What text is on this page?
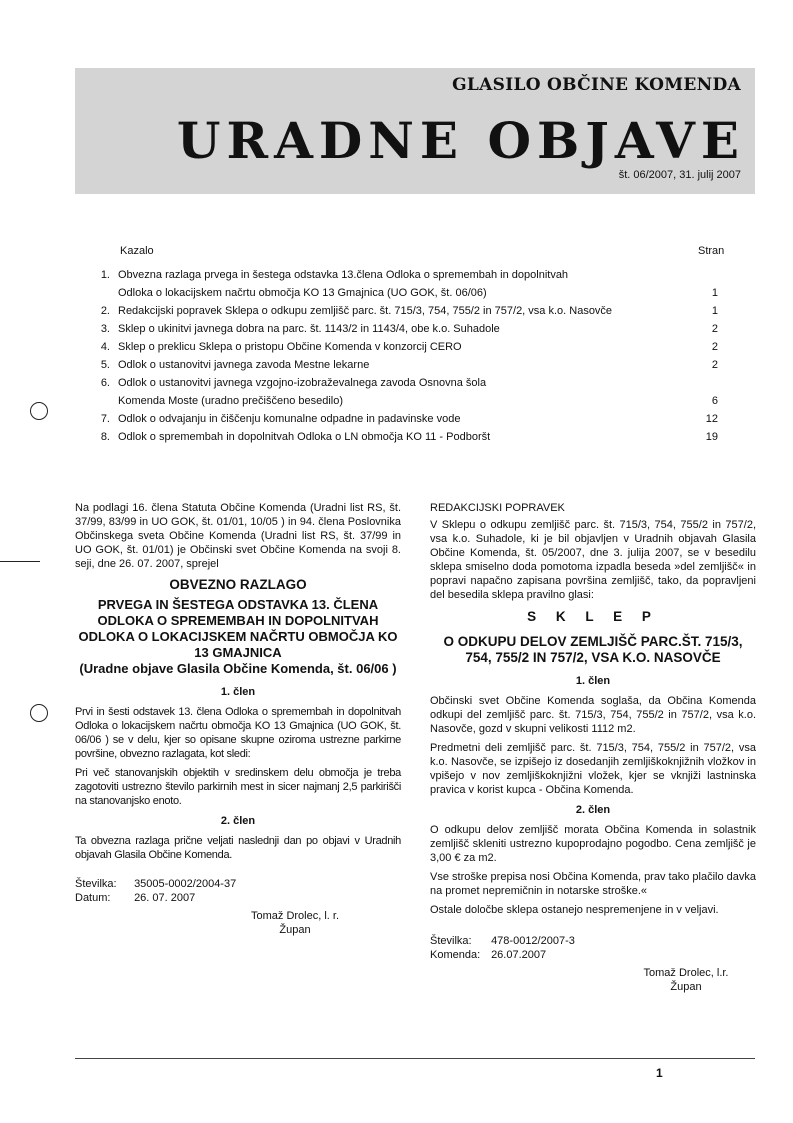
GLASILO OBČINE KOMENDA
URADNE OBJAVE
št. 06/2007, 31. julij 2007
Kazalo	Stran
1. Obvezna razlaga prvega in šestega odstavka 13.člena Odloka o spremembah in dopolnitvah
Odloka o lokacijskem načrtu območja KO 13 Gmajnica (UO GOK, št. 06/06)	1
2. Redakcijski popravek Sklepa o odkupu zemljišč parc. št. 715/3, 754, 755/2 in 757/2, vsa k.o. Nasovče	1
3. Sklep o ukinitvi javnega dobra na parc. št. 1143/2 in 1143/4, obe k.o. Suhadole	2
4. Sklep o preklicu Sklepa o pristopu Občine Komenda v konzorcij CERO	2
5. Odlok o ustanovitvi javnega zavoda Mestne lekarne	2
6. Odlok o ustanovitvi javnega vzgojno-izobraževalnega zavoda Osnovna šola
Komenda Moste (uradno prečiščeno besedilo)	6
7. Odlok o odvajanju in čiščenju komunalne odpadne in padavinske vode	12
8. Odlok o spremembah in dopolnitvah Odloka o LN območja KO 11 - Podboršt	19

Na podlagi 16. člena Statuta Občine Komenda (Uradni list RS, št. 37/99, 83/99 in UO GOK, št. 01/01, 10/05 ) in 94. člena Poslovnika Občinskega sveta Občine Komenda (Uradni list RS, št. 37/99 in UO GOK, št. 01/01) je Občinski svet Občine Komenda na svoji 8. seji, dne 26. 07. 2007, sprejel

OBVEZNO RAZLAGO
PRVEGA IN ŠESTEGA ODSTAVKA 13. ČLENA ODLOKA O SPREMEMBAH IN DOPOLNITVAH ODLOKA O LOKACIJSKEM NAČRTU OBMOČJA KO 13 GMAJNICA
(Uradne objave Glasila Občine Komenda, št. 06/06 )
1. člen

Prvi in šesti odstavek 13. člena Odloka o spremembah in dopolnitvah Odloka o lokacijskem načrtu območja KO 13 Gmajnica (UO GOK, št. 06/06 ) se v delu, kjer so opisane skupne oziroma ustrezne parkirne površine, obvezno razlagata, kot sledi:

Pri več stanovanjskih objektih v sredinskem delu območja je treba zagotoviti ustrezno število parkirnih mest in sicer najmanj 2,5 parkirišči na stanovanjsko enoto.

2. člen

Ta obvezna razlaga prične veljati naslednji dan po objavi v Uradnih objavah Glasila Občine Komenda.

Številka: 35005-0002/2004-37
Datum: 26. 07. 2007
Tomaž Drolec, l. r.
Župan

REDAKCIJSKI POPRAVEK

V Sklepu o odkupu zemljišč parc. št. 715/3, 754, 755/2 in 757/2, vsa k.o. Suhadole, ki je bil objavljen v Uradnih objavah Glasila Občine Komenda, št. 05/2007, dne 3. julija 2007, se v besedilu sklepa smiselno doda pomotoma izpadla beseda »del zemljišč« in popravi napačno zapisana površina zemljišč, tako, da popravljeni del besedila sklepa pravilno glasi:

S K L E P
O ODKUPU DELOV ZEMLJIŠČ PARC.ŠT. 715/3, 754, 755/2 IN 757/2, VSA K.O. NASOVČE
1. člen

Občinski svet Občine Komenda soglaša, da Občina Komenda odkupi del zemljišč parc. št. 715/3, 754, 755/2 in 757/2, vsa k.o. Nasovče, gozd v skupni velikosti 1112 m2.

Predmetni deli zemljišč parc. št. 715/3, 754, 755/2 in 757/2, vsa k.o. Nasovče, se izpišejo iz dosedanjih zemljiškoknjižnih vložkov in vpišejo v nov zemljiškoknjižni vložek, kjer se vknjiži lastninska pravica v korist kupca - Občina Komenda.

2. člen

O odkupu delov zemljišč morata Občina Komenda in solastnik zemljišč skleniti ustrezno kupoprodajno pogodbo. Cena zemljišč je 3,00 € za m2.

Vse stroške prepisa nosi Občina Komenda, prav tako plačilo davka na promet nepremičnin in notarske stroške.«

Ostale določbe sklepa ostanejo nespremenjene in v veljavi.

Številka: 478-0012/2007-3
Komenda: 26.07.2007
Tomaž Drolec, l.r.
Župan
1
